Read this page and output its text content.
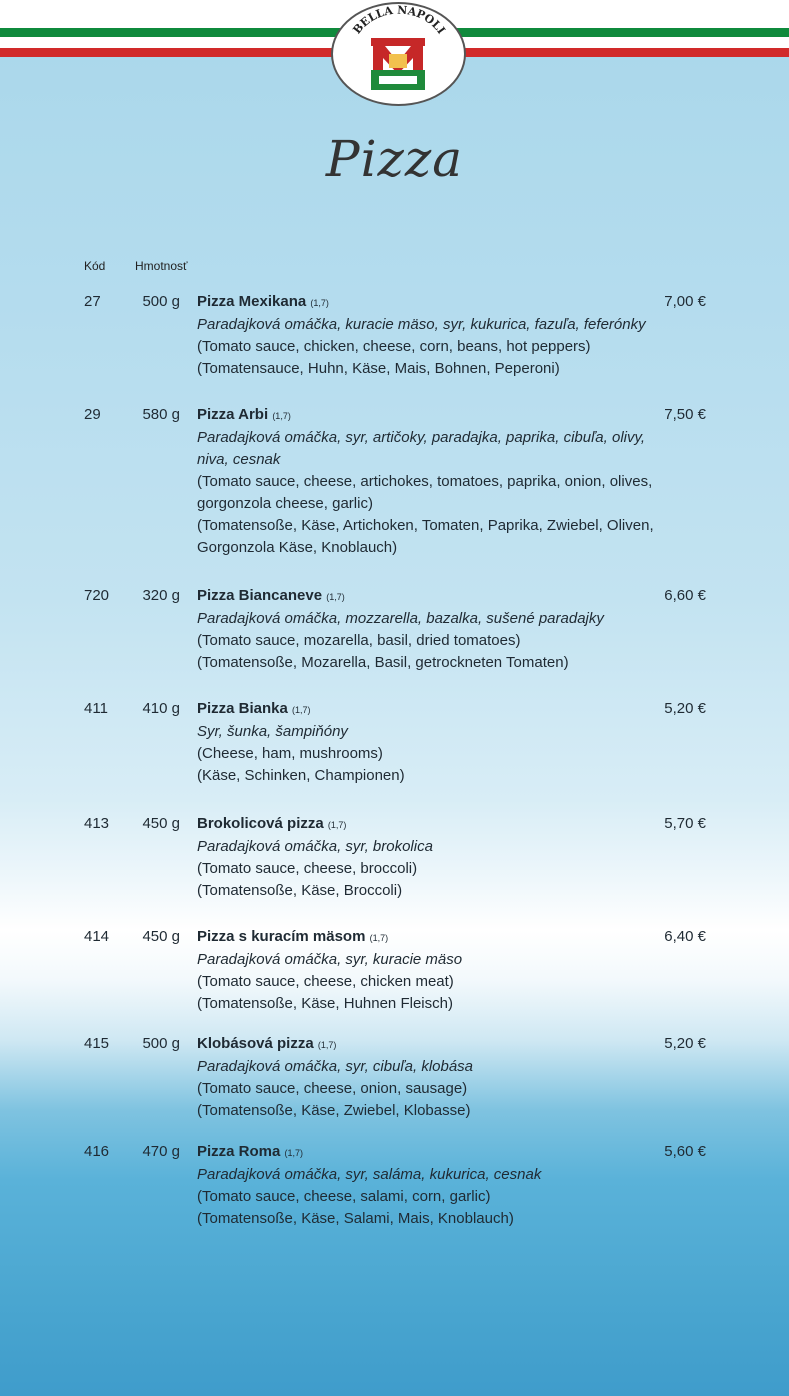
BELLA NAPOLI
Pizza
Kód Hmotnosť
27	500 g Pizza Mexikana (1,7)
Paradajková omáčka, kuracie mäso, syr, kukurica, fazuľa, feferónky
(Tomato sauce, chicken, cheese, corn, beans, hot peppers)
(Tomatensauce, Huhn, Käse, Mais, Bohnen, Peperoni)
7,00 €
29	580 g Pizza Arbi (1,7)
Paradajková omáčka, syr, artičoky, paradajka, paprika, cibuľa, olivy, niva, cesnak
(Tomato sauce, cheese, artichokes, tomatoes, paprika, onion, olives, gorgonzola cheese, garlic)
(Tomatensoße, Käse, Artichoken, Tomaten, Paprika, Zwiebel, Oliven, Gorgonzola Käse, Knoblauch)
7,50 €
720	320 g Pizza Biancaneve (1,7)
Paradajková omáčka, mozzarella, bazalka, sušené paradajky
(Tomato sauce, mozarella, basil, dried tomatoes)
(Tomatensoße, Mozarella, Basil, getrockneten Tomaten)
6,60 €
411	410 g Pizza Bianka (1,7)
Syr, šunka, šampiňóny
(Cheese, ham, mushrooms)
(Käse, Schinken, Championen)
5,20 €
413	450 g Brokolicová pizza (1,7)
Paradajková omáčka, syr, brokolica
(Tomato sauce, cheese, broccoli)
(Tomatensoße, Käse, Broccoli)
5,70 €
414	450 g Pizza s kuracím mäsom (1,7)
Paradajková omáčka, syr, kuracie mäso
(Tomato sauce, cheese, chicken meat)
(Tomatensoße, Käse, Huhnen Fleisch)
6,40 €
415	500 g Klobásová pizza (1,7)
Paradajková omáčka, syr, cibuľa, klobása
(Tomato sauce, cheese, onion, sausage)
(Tomatensoße, Käse, Zwiebel, Klobasse)
5,20 €
416	470 g Pizza Roma (1,7)
Paradajková omáčka, syr, saláma, kukurica, cesnak
(Tomato sauce, cheese, salami, corn, garlic)
(Tomatensoße, Käse, Salami, Mais, Knoblauch)
5,60 €
